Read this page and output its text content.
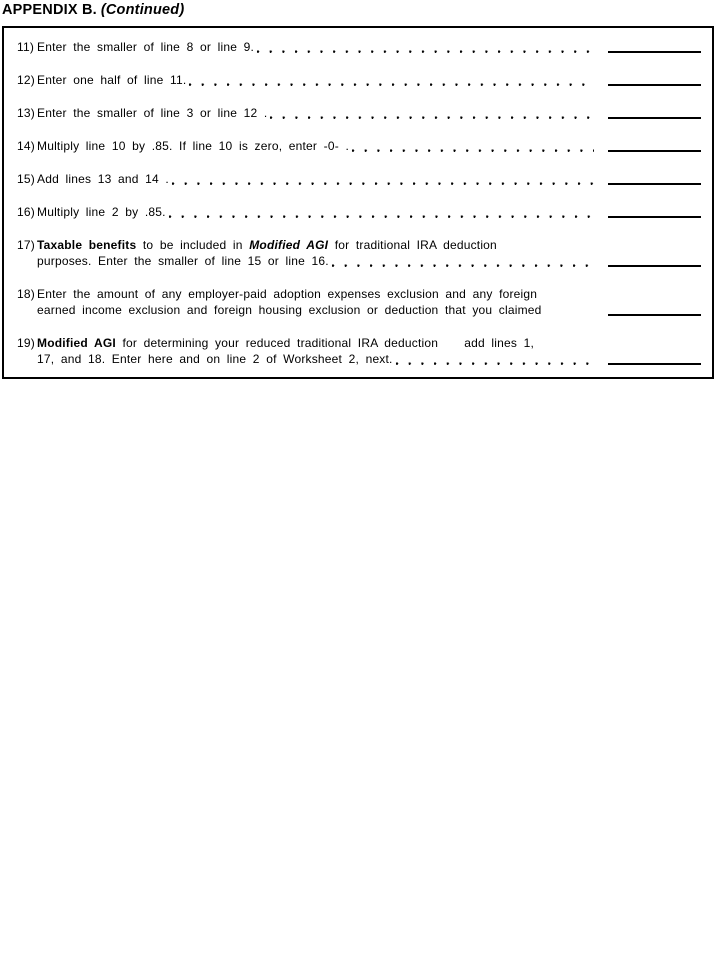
APPENDIX B. (Continued)
11) Enter the smaller of line 8 or line 9.
12) Enter one half of line 11.
13) Enter the smaller of line 3 or line 12 .
14) Multiply line 10 by .85. If line 10 is zero, enter -0- .
15) Add lines 13 and 14 .
16) Multiply line 2 by .85.
17) Taxable benefits to be included in Modified AGI for traditional IRA deduction
purposes. Enter the smaller of line 15 or line 16.
18) Enter the amount of any employer-paid adoption expenses exclusion and any foreign
earned income exclusion and foreign housing exclusion or deduction that you claimed
19) Modified AGI for determining your reduced traditional IRA deduction    add lines 1,
17, and 18. Enter here and on line 2 of Worksheet 2, next.
